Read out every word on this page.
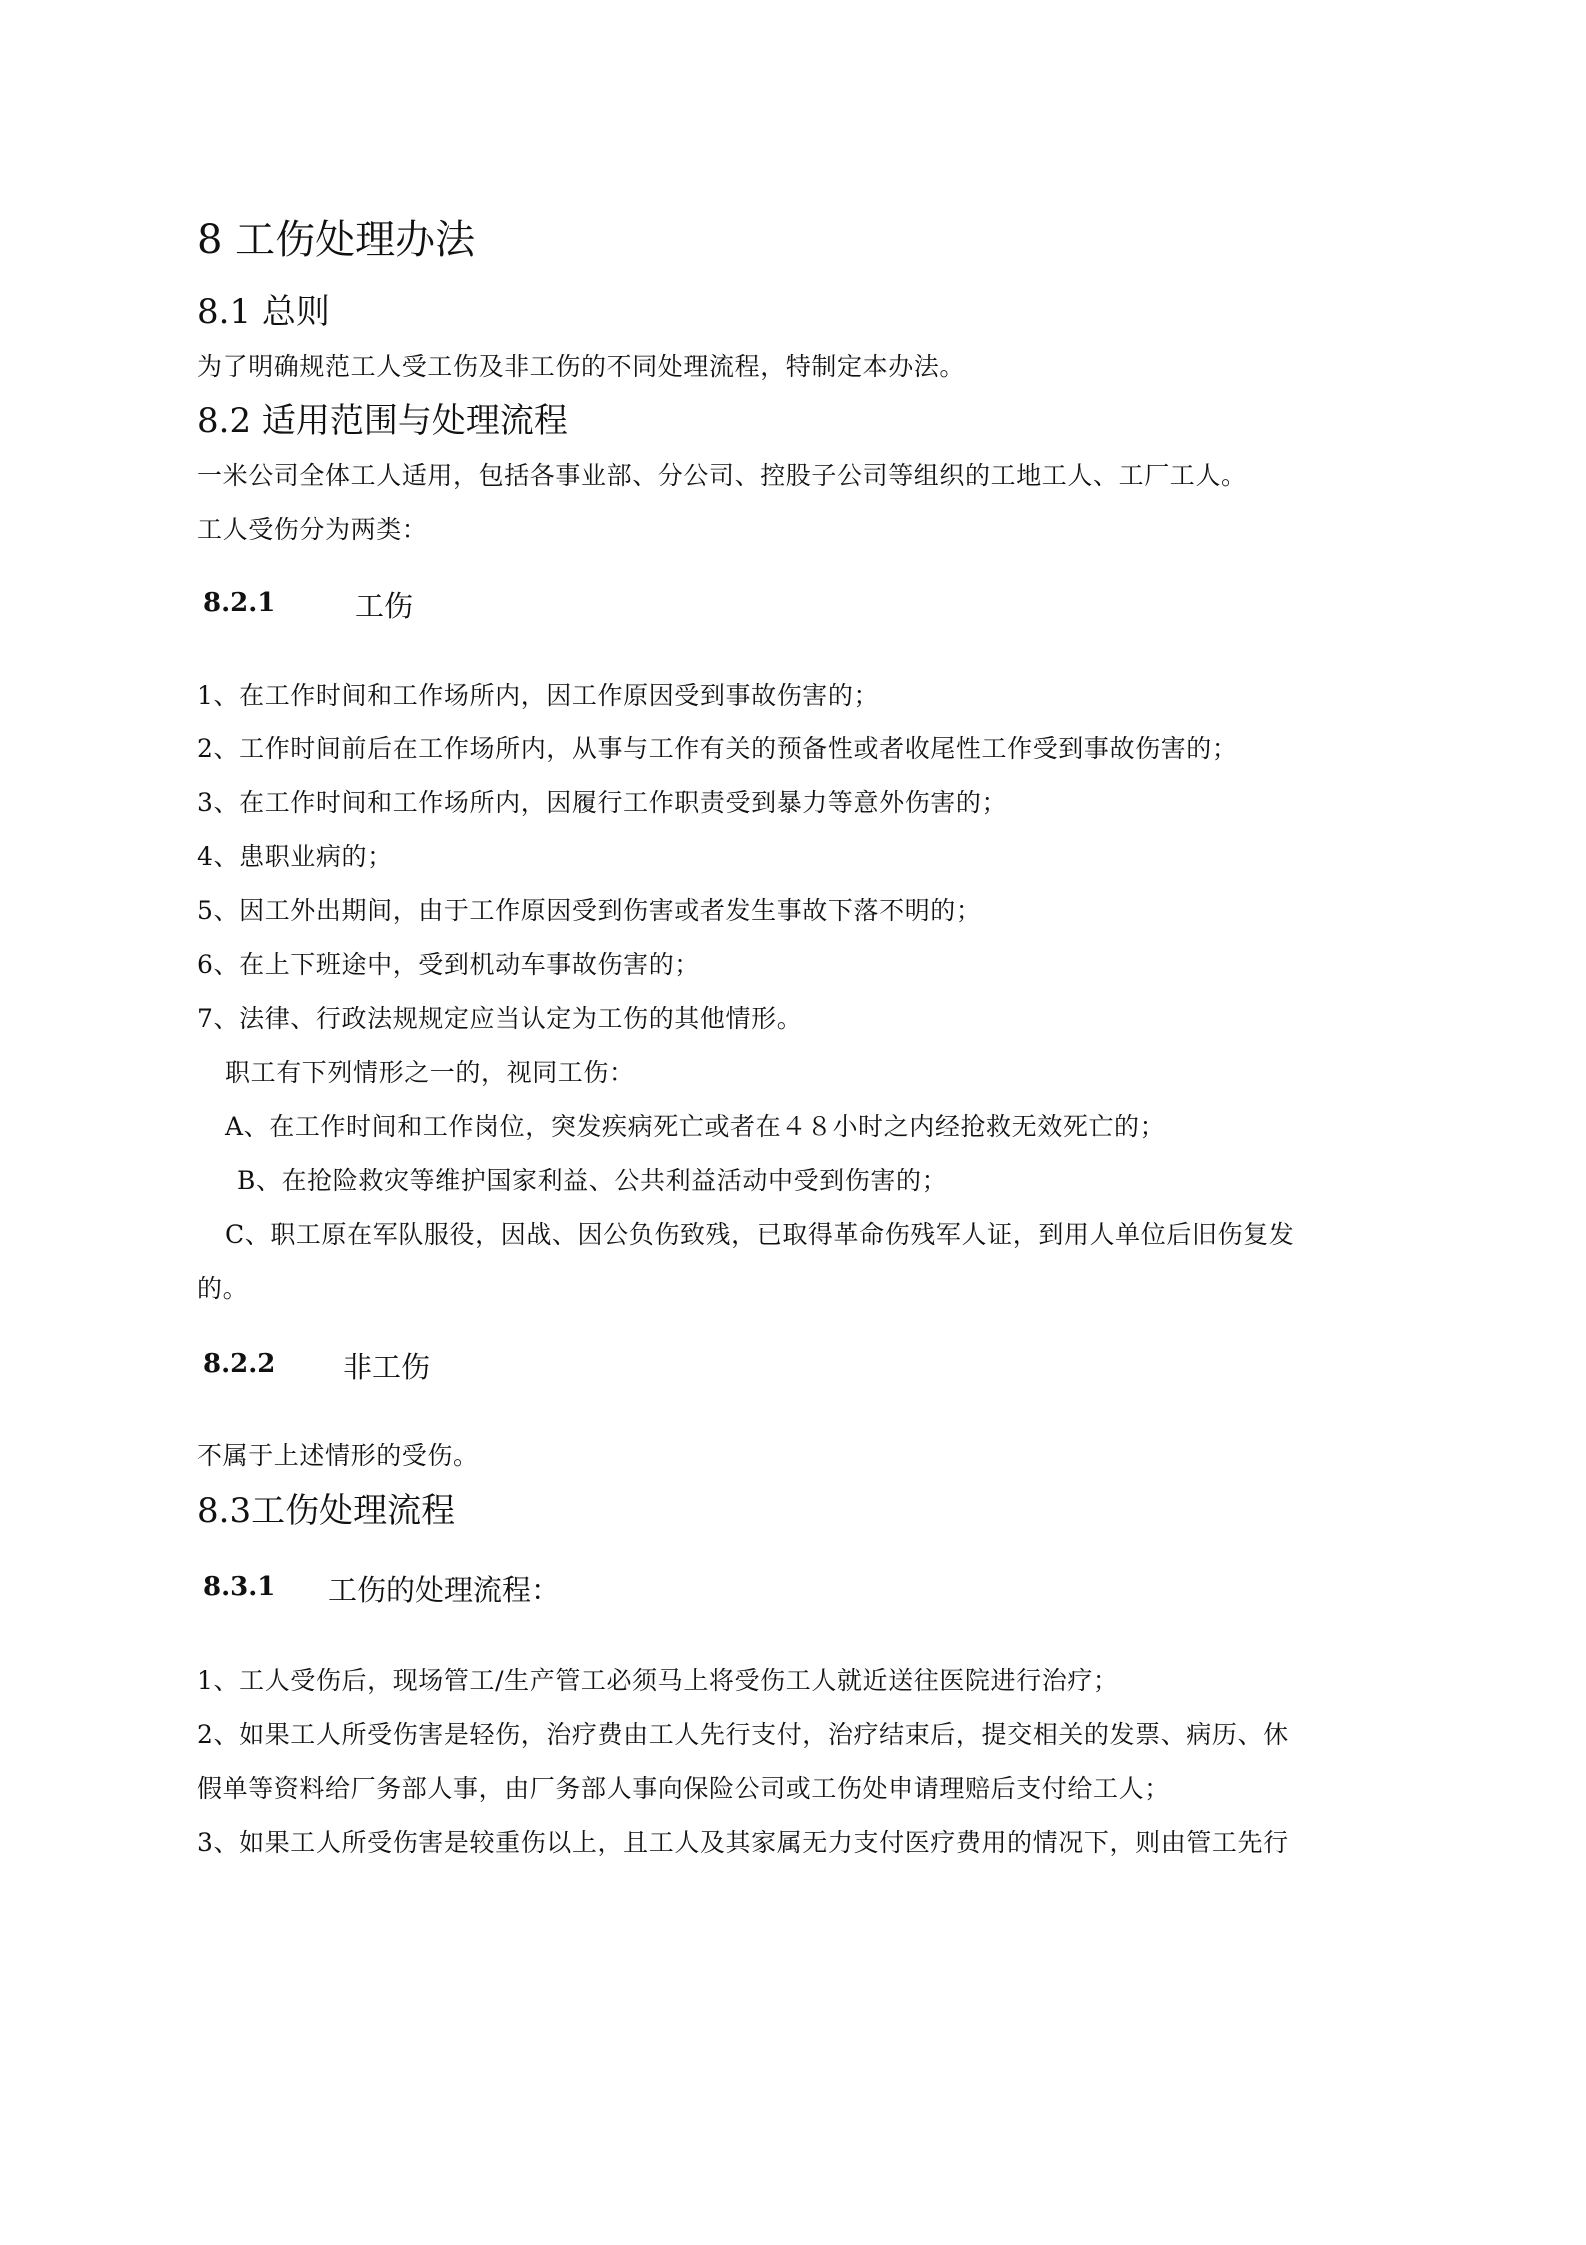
8 工伤处理办法
8.1 总则
为了明确规范工人受工伤及非工伤的不同处理流程，特制定本办法。
8.2 适用范围与处理流程
一米公司全体工人适用，包括各事业部、分公司、控股子公司等组织的工地工人、工厂工人。
工人受伤分为两类：
8.2.1	工伤
1、在工作时间和工作场所内，因工作原因受到事故伤害的；
2、工作时间前后在工作场所内，从事与工作有关的预备性或者收尾性工作受到事故伤害的；
3、在工作时间和工作场所内，因履行工作职责受到暴力等意外伤害的；
4、患职业病的；
5、因工外出期间，由于工作原因受到伤害或者发生事故下落不明的；
6、在上下班途中，受到机动车事故伤害的；
7、法律、行政法规规定应当认定为工伤的其他情形。
职工有下列情形之一的，视同工伤：
A、在工作时间和工作岗位，突发疾病死亡或者在４８小时之内经抢救无效死亡的；
B、在抢险救灾等维护国家利益、公共利益活动中受到伤害的；
C、职工原在军队服役，因战、因公负伤致残，已取得革命伤残军人证，到用人单位后旧伤复发
的。
8.2.2 非工伤
不属于上述情形的受伤。
8.3工伤处理流程
8.3.1 工伤的处理流程：
1、工人受伤后，现场管工/生产管工必须马上将受伤工人就近送往医院进行治疗；
2、如果工人所受伤害是轻伤，治疗费由工人先行支付，治疗结束后，提交相关的发票、病历、休
假单等资料给厂务部人事，由厂务部人事向保险公司或工伤处申请理赔后支付给工人；
3、如果工人所受伤害是较重伤以上，且工人及其家属无力支付医疗费用的情况下，则由管工先行
